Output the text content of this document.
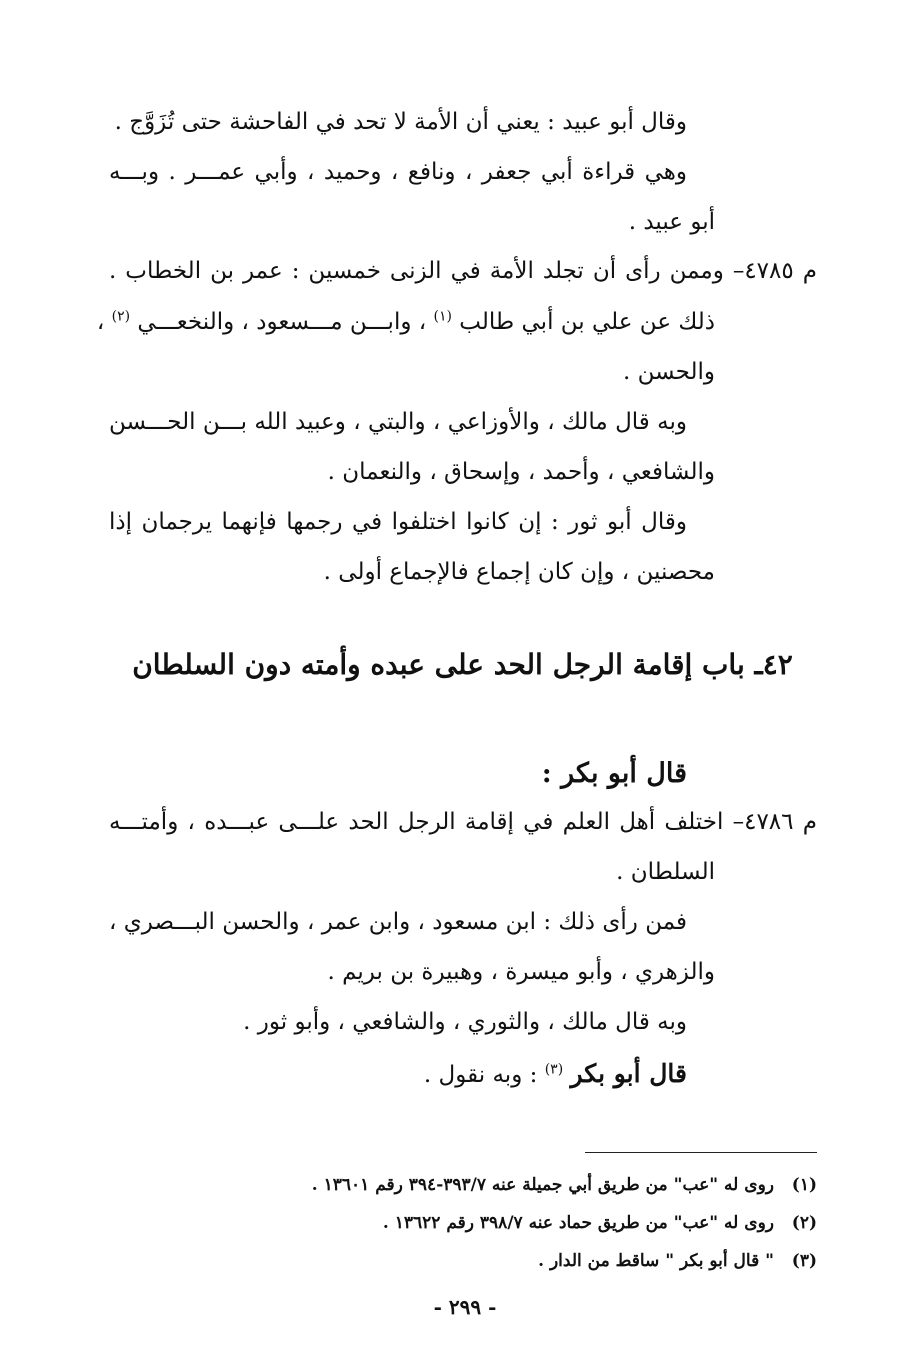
وقال أبو عبيد : يعني أن الأمة لا تحد في الفاحشة حتى تُزَوَّج .
وهي قراءة أبي جعفر ، ونافع ، وحميد ، وأبي عمـــر . وبـــه
أبو عبيد .
م ٤٧٨٥– وممن رأى أن تجلد الأمة في الزنى خمسين : عمر بن الخطاب .
ذلك عن علي بن أبي طالب $^{(١)}$ ، وابـــن مـــسعود ، والنخعـــي $^{(٢)}$ ،
والحسن .
وبه قال مالك ، والأوزاعي ، والبتي ، وعبيد الله بـــن الحـــسن
والشافعي ، وأحمد ، وإسحاق ، والنعمان .
وقال أبو ثور : إن كانوا اختلفوا في رجمها فإنهما يرجمان إذا
محصنين ، وإن كان إجماع فالإجماع أولى .
٤٢ـ باب إقامة الرجل الحد على عبده وأمته دون السلطان
قال أبو بكر :
م ٤٧٨٦– اختلف أهل العلم في إقامة الرجل الحد علـــى عبـــده ، وأمتـــه
السلطان .
فمن رأى ذلك : ابن مسعود ، وابن عمر ، والحسن البـــصري ،
والزهري ، وأبو ميسرة ، وهبيرة بن بريم .
وبه قال مالك ، والثوري ، والشافعي ، وأبو ثور .
قال أبو بكر $^{(٣)}$ : وبه نقول .
(١)   روى له "عب" من طريق أبي جميلة عنه ٣٩٣/٧-٣٩٤ رقم ١٣٦٠١ .
(٢)   روى له "عب" من طريق حماد عنه ٣٩٨/٧ رقم ١٣٦٢٢ .
(٣)   " قال أبو بكر " ساقط من الدار .
- ٢٩٩ -
